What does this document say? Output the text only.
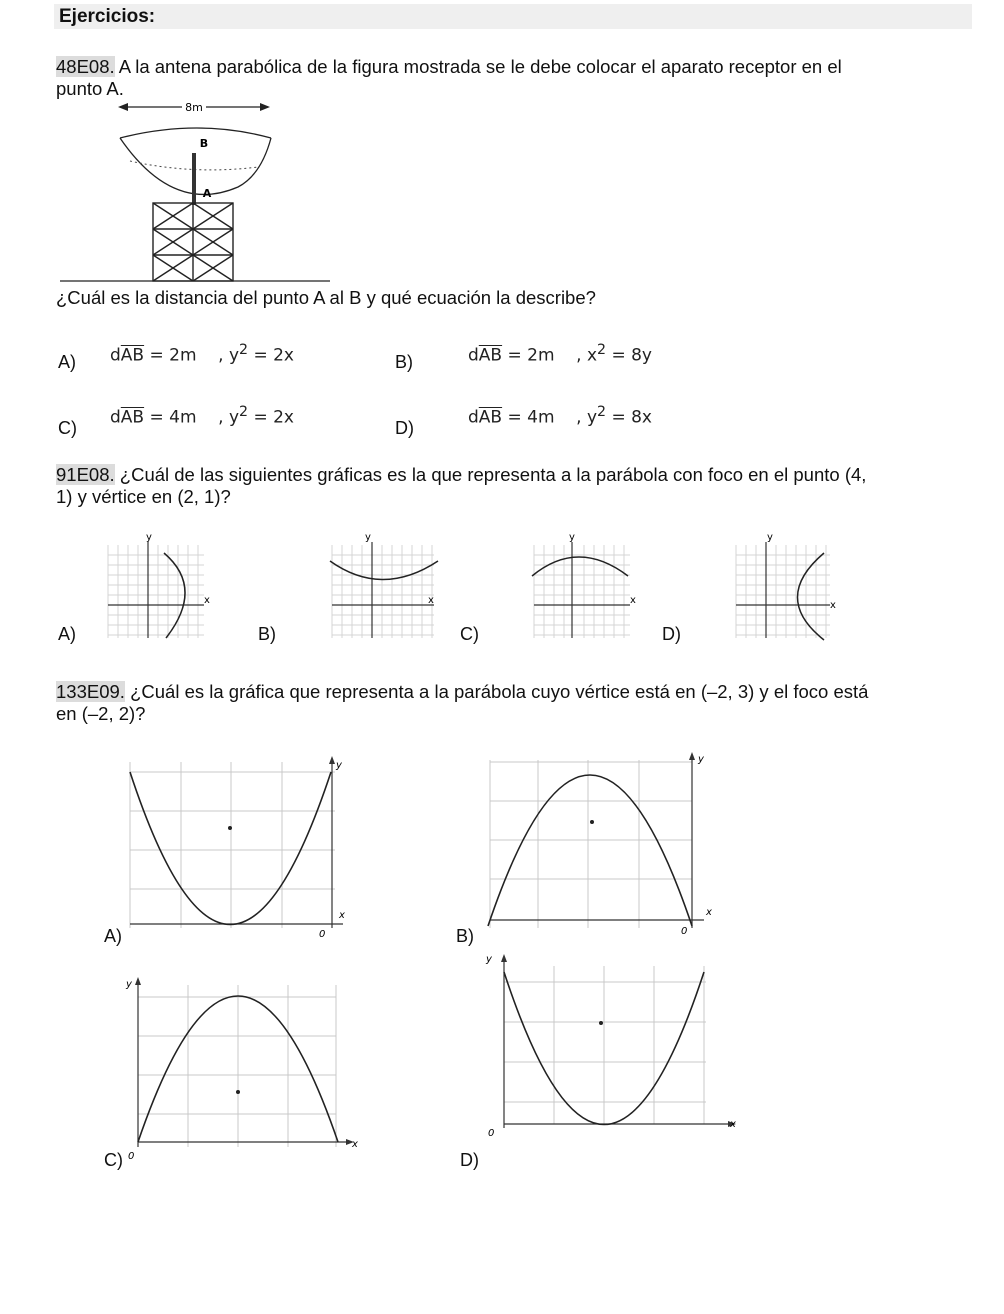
Ejercicios:
48E08. A la antena parabólica de la figura mostrada se le debe colocar el aparato receptor en el
punto A.
8m
B
A
¿Cuál es la distancia del punto A al B y qué ecuación la describe?
A) $d\overline{AB} = 2m$ , $y^2 = 2x$	B)	$d\overline{AB} = 2m$ , $x^2 = 8y$
C)
$d\overline{AB} = 4m$ , $y^2 = 2x$
D)
$d\overline{AB} = 4m$ , $y^2 = 8x$
91E08. ¿Cuál de las siguientes gráficas es la que representa a la parábola con foco en el punto (4,
1) y vértice en (2, 1)?
A)
y
x
B)
y
x
C)
y
x
D)
y
x
133E09. ¿Cuál es la gráfica que representa a la parábola cuyo vértice está en (–2, 3) y el foco está
en (–2, 2)?
y
x
0
A)
y
x
0
B)
y
x
0
C)
y
x
0
D)
